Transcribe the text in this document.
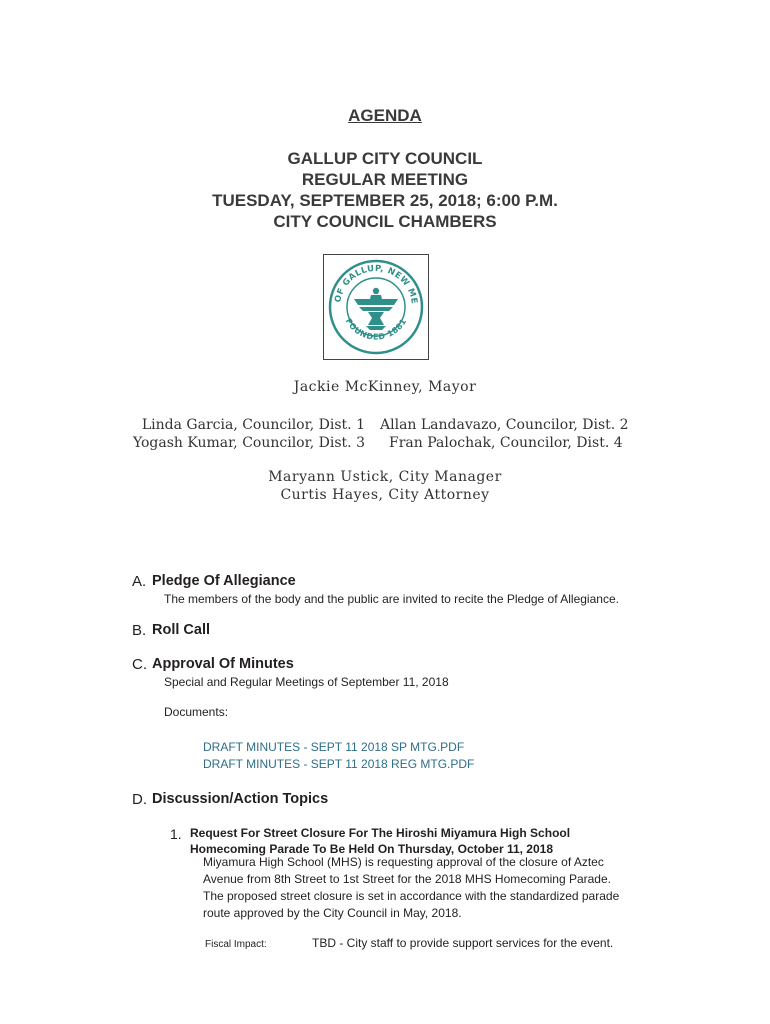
AGENDA
GALLUP CITY COUNCIL
REGULAR MEETING
TUESDAY, SEPTEMBER 25, 2018; 6:00 P.M.
CITY COUNCIL CHAMBERS
OF GALLUP, NEW ME
FOUNDED 1881
Jackie McKinney, Mayor
Linda Garcia, Councilor, Dist. 1
Yogash Kumar, Councilor, Dist. 3
Allan Landavazo, Councilor, Dist. 2
Fran Palochak, Councilor, Dist. 4
Maryann Ustick, City Manager
Curtis Hayes, City Attorney
A. Pledge Of Allegiance
The members of the body and the public are invited to recite the Pledge of Allegiance.
B. Roll Call
C. Approval Of Minutes
Special and Regular Meetings of September 11, 2018
Documents:
DRAFT MINUTES - SEPT 11 2018 SP MTG.PDF
DRAFT MINUTES - SEPT 11 2018 REG MTG.PDF
D. Discussion/Action Topics
1. Request For Street Closure For The Hiroshi Miyamura High School
Homecoming Parade To Be Held On Thursday, October 11, 2018
Miyamura High School (MHS) is requesting approval of the closure of Aztec
Avenue from 8th Street to 1st Street for the 2018 MHS Homecoming Parade.
The proposed street closure is set in accordance with the standardized parade
route approved by the City Council in May, 2018.
Fiscal Impact:	TBD - City staff to provide support services for the event.
